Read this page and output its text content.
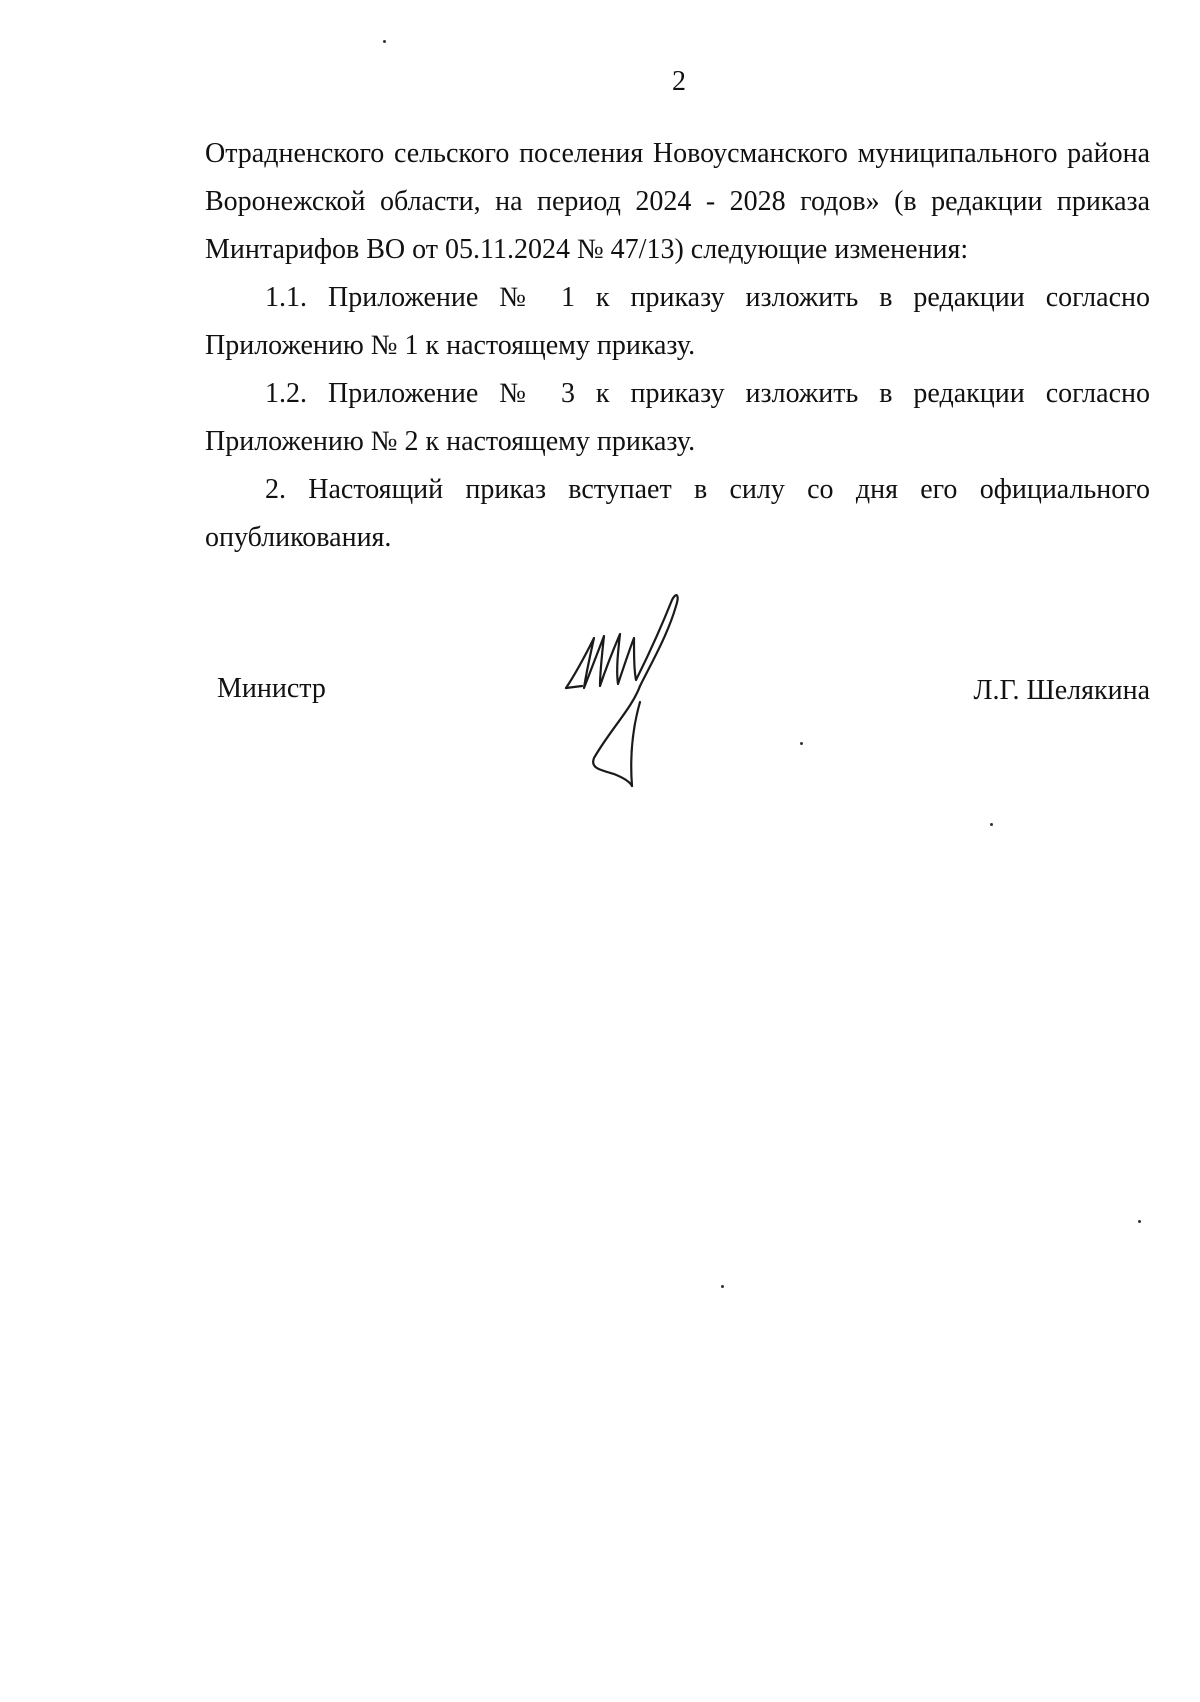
2

Отрадненского сельского поселения Новоусманского муниципального района Воронежской области, на период 2024 - 2028 годов» (в редакции приказа Минтарифов ВО от 05.11.2024 № 47/13) следующие изменения:

1.1. Приложение № 1 к приказу изложить в редакции согласно Приложению № 1 к настоящему приказу.

1.2. Приложение № 3 к приказу изложить в редакции согласно Приложению № 2 к настоящему приказу.

2. Настоящий приказ вступает в силу со дня его официального опубликования.

Министр	Л.Г. Шелякина
